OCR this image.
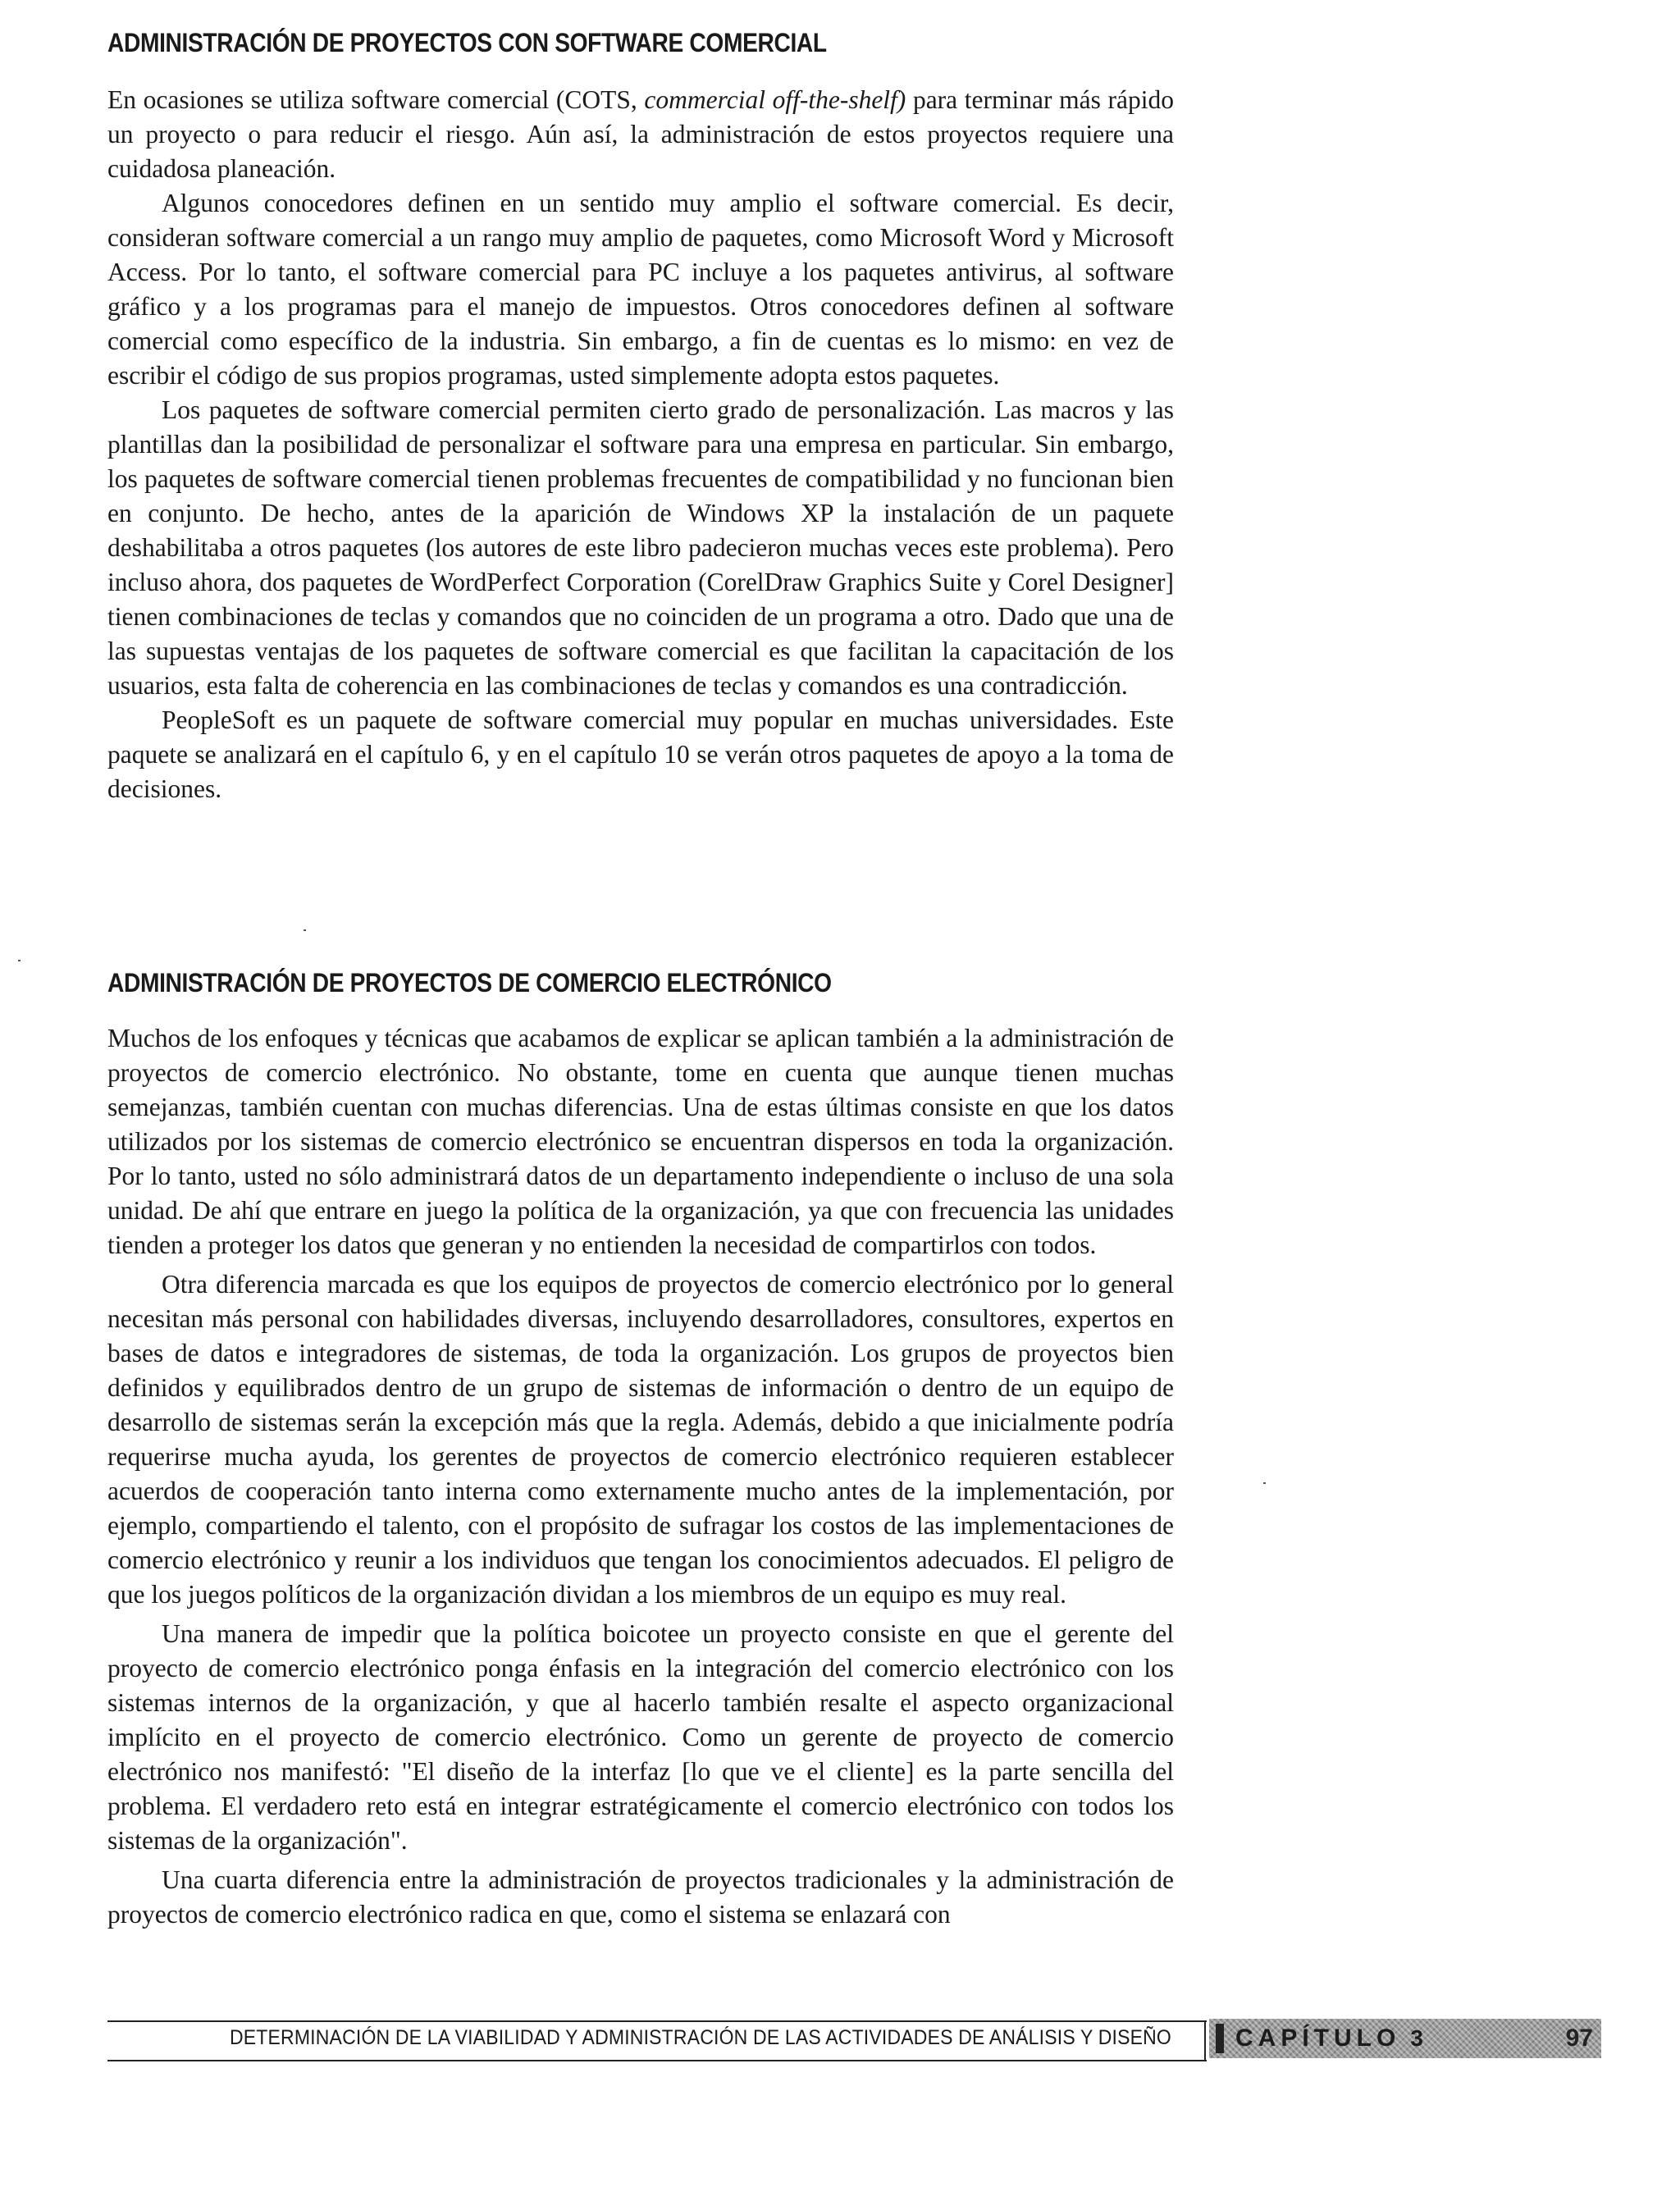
ADMINISTRACIÓN DE PROYECTOS CON SOFTWARE COMERCIAL

En ocasiones se utiliza software comercial (COTS, commercial off-the-shelf) para terminar más rápido un proyecto o para reducir el riesgo. Aún así, la administración de estos proyectos requiere una cuidadosa planeación.

Algunos conocedores definen en un sentido muy amplio el software comercial. Es decir, consideran software comercial a un rango muy amplio de paquetes, como Microsoft Word y Microsoft Access. Por lo tanto, el software comercial para PC incluye a los paquetes antivirus, al software gráfico y a los programas para el manejo de impuestos. Otros conocedores definen al software comercial como específico de la industria. Sin embargo, a fin de cuentas es lo mismo: en vez de escribir el código de sus propios programas, usted simplemente adopta estos paquetes.

Los paquetes de software comercial permiten cierto grado de personalización. Las macros y las plantillas dan la posibilidad de personalizar el software para una empresa en particular. Sin embargo, los paquetes de software comercial tienen problemas frecuentes de compatibilidad y no funcionan bien en conjunto. De hecho, antes de la aparición de Windows XP la instalación de un paquete deshabilitaba a otros paquetes (los autores de este libro padecieron muchas veces este problema). Pero incluso ahora, dos paquetes de WordPerfect Corporation (CorelDraw Graphics Suite y Corel Designer] tienen combinaciones de teclas y comandos que no coinciden de un programa a otro. Dado que una de las supuestas ventajas de los paquetes de software comercial es que facilitan la capacitación de los usuarios, esta falta de coherencia en las combinaciones de teclas y comandos es una contradicción.

PeopleSoft es un paquete de software comercial muy popular en muchas universidades. Este paquete se analizará en el capítulo 6, y en el capítulo 10 se verán otros paquetes de apoyo a la toma de decisiones.

ADMINISTRACIÓN DE PROYECTOS DE COMERCIO ELECTRÓNICO

Muchos de los enfoques y técnicas que acabamos de explicar se aplican también a la administración de proyectos de comercio electrónico. No obstante, tome en cuenta que aunque tienen muchas semejanzas, también cuentan con muchas diferencias. Una de estas últimas consiste en que los datos utilizados por los sistemas de comercio electrónico se encuentran dispersos en toda la organización. Por lo tanto, usted no sólo administrará datos de un departamento independiente o incluso de una sola unidad. De ahí que entrare en juego la política de la organización, ya que con frecuencia las unidades tienden a proteger los datos que generan y no entienden la necesidad de compartirlos con todos.

Otra diferencia marcada es que los equipos de proyectos de comercio electrónico por lo general necesitan más personal con habilidades diversas, incluyendo desarrolladores, consultores, expertos en bases de datos e integradores de sistemas, de toda la organización. Los grupos de proyectos bien definidos y equilibrados dentro de un grupo de sistemas de información o dentro de un equipo de desarrollo de sistemas serán la excepción más que la regla. Además, debido a que inicialmente podría requerirse mucha ayuda, los gerentes de proyectos de comercio electrónico requieren establecer acuerdos de cooperación tanto interna como externamente mucho antes de la implementación, por ejemplo, compartiendo el talento, con el propósito de sufragar los costos de las implementaciones de comercio electrónico y reunir a los individuos que tengan los conocimientos adecuados. El peligro de que los juegos políticos de la organización dividan a los miembros de un equipo es muy real.

Una manera de impedir que la política boicotee un proyecto consiste en que el gerente del proyecto de comercio electrónico ponga énfasis en la integración del comercio electrónico con los sistemas internos de la organización, y que al hacerlo también resalte el aspecto organizacional implícito en el proyecto de comercio electrónico. Como un gerente de proyecto de comercio electrónico nos manifestó: "El diseño de la interfaz [lo que ve el cliente] es la parte sencilla del problema. El verdadero reto está en integrar estratégicamente el comercio electrónico con todos los sistemas de la organización".

Una cuarta diferencia entre la administración de proyectos tradicionales y la administración de proyectos de comercio electrónico radica en que, como el sistema se enlazará con

DETERMINACIÓN DE LA VIABILIDAD Y ADMINISTRACIÓN DE LAS ACTIVIDADES DE ANÁLISIS Y DISEÑO	CAPÍTULO 3	97
